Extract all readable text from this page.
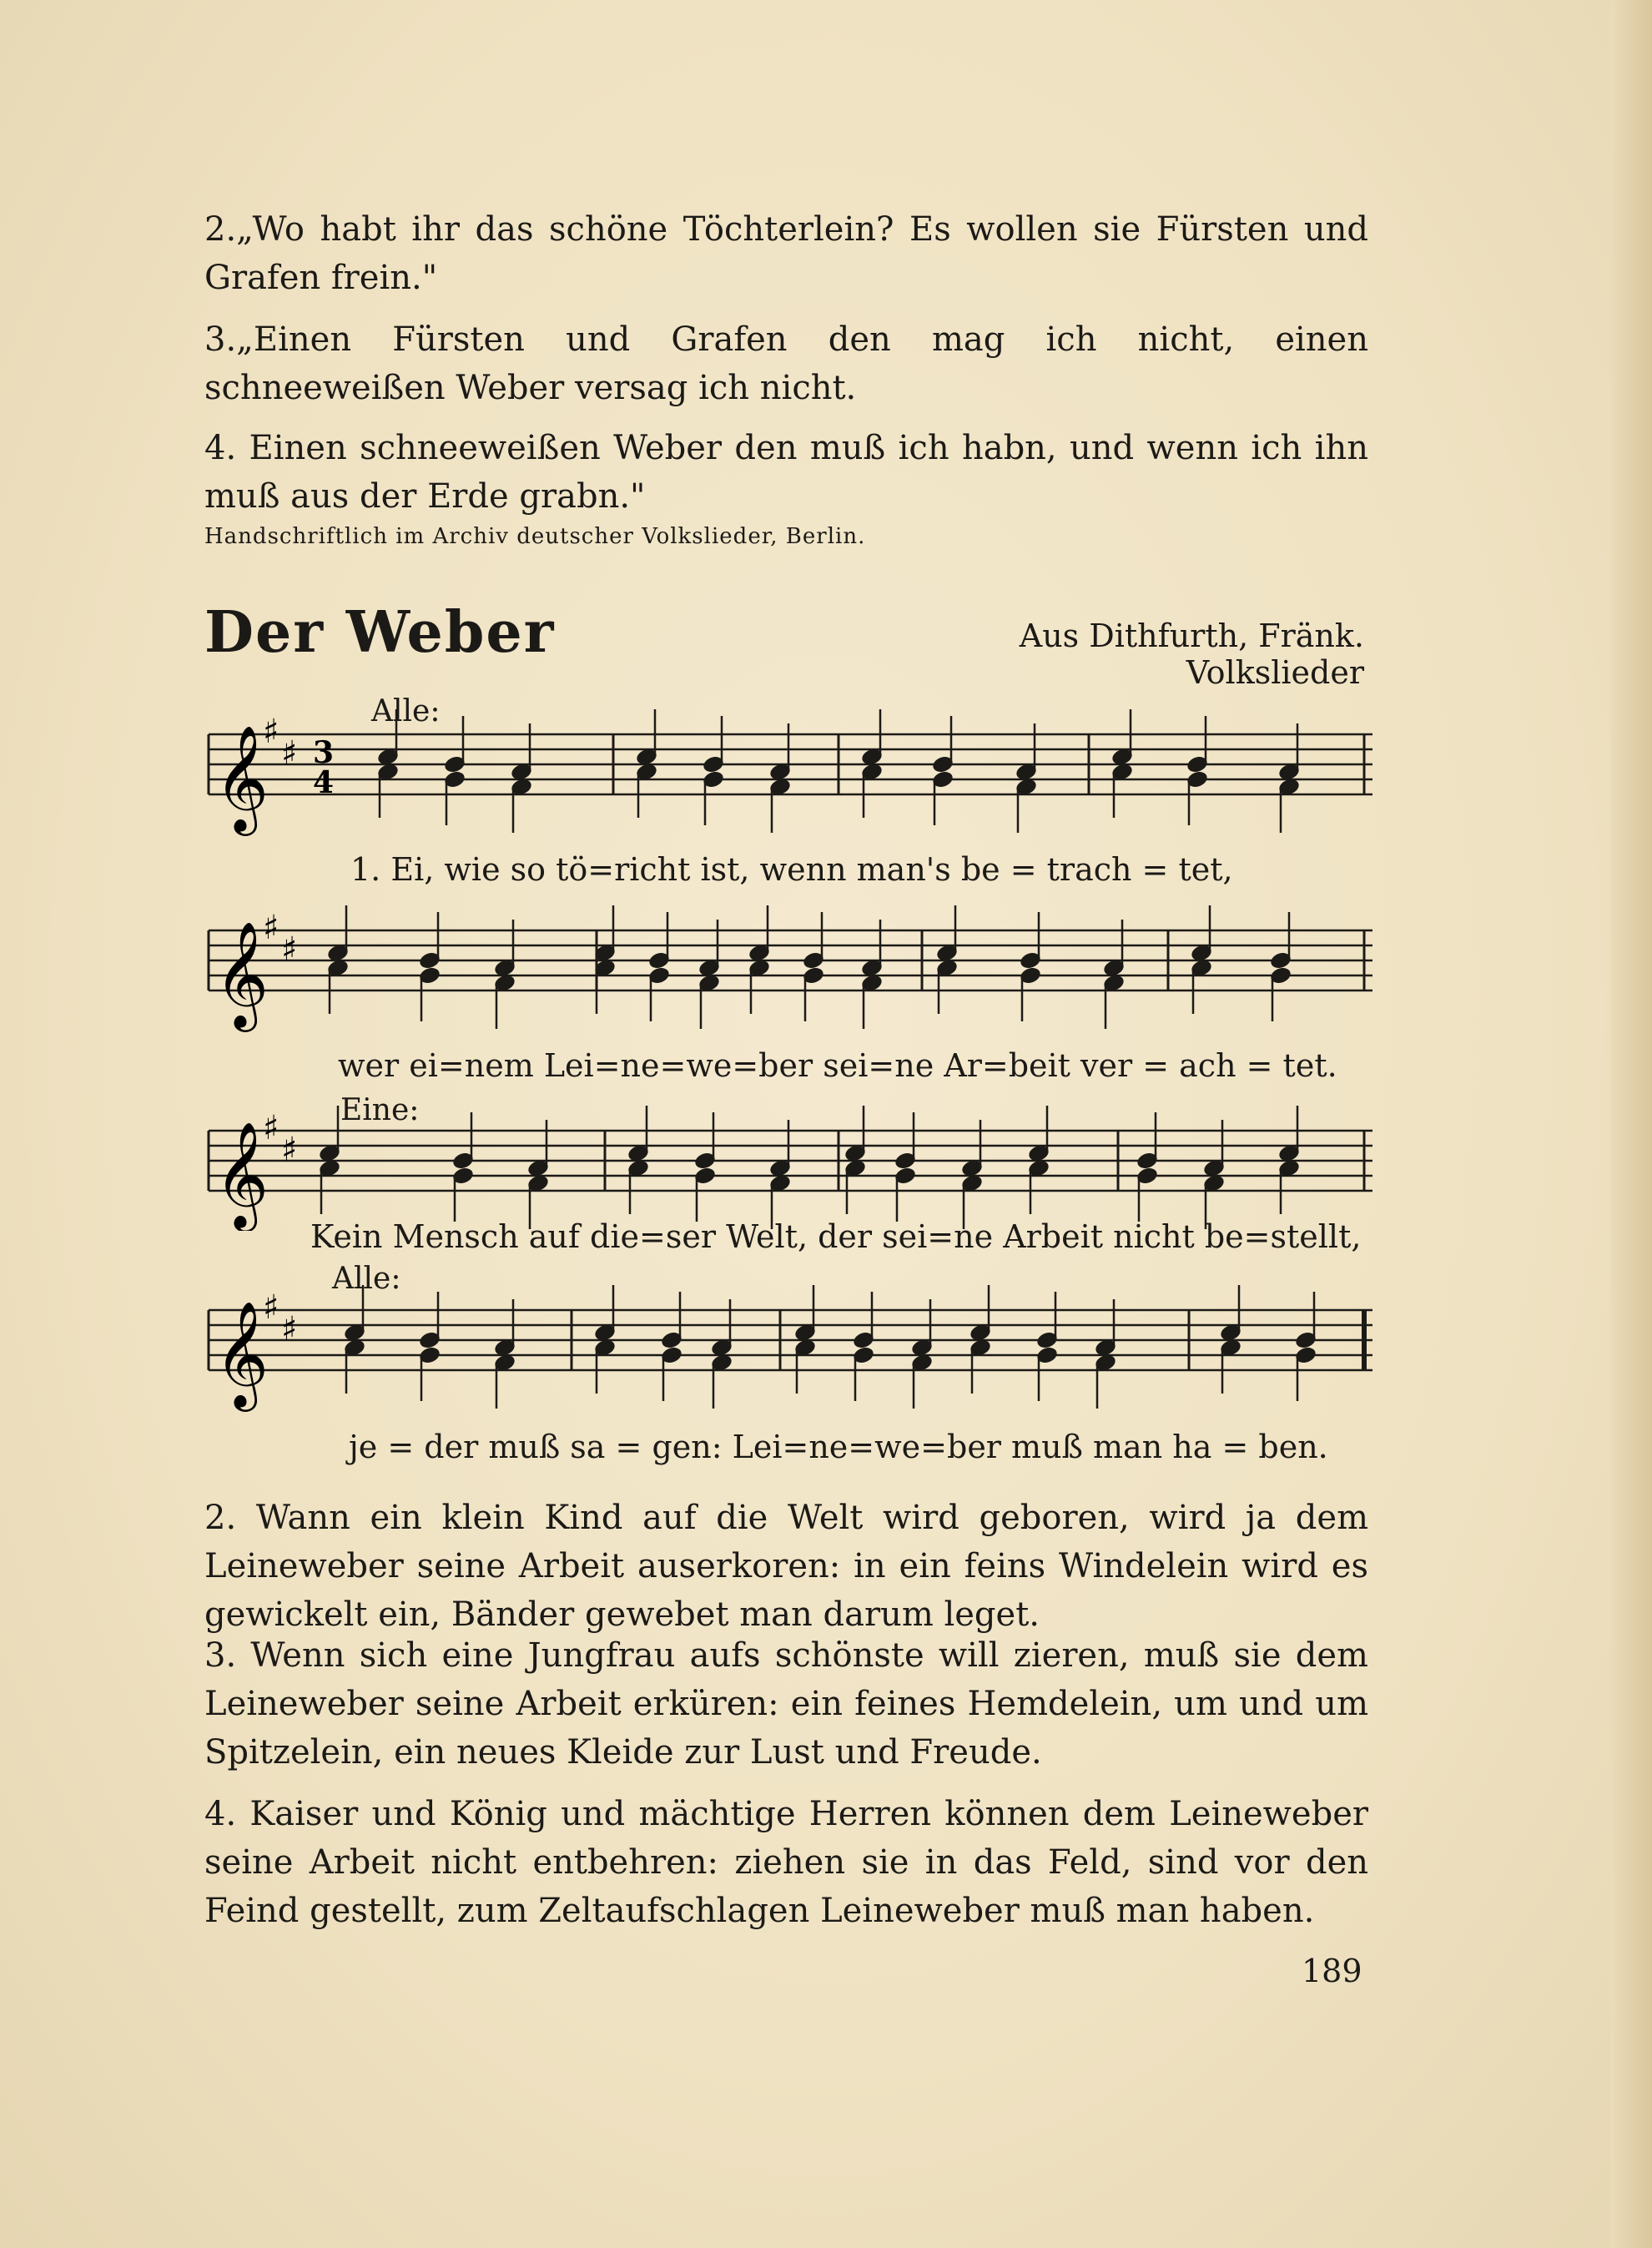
2.„Wo habt ihr das schöne Töchterlein? Es wollen sie Fürsten und Grafen frein."

3.„Einen Fürsten und Grafen den mag ich nicht, einen schneeweißen Weber versag ich nicht.

4. Einen schneeweißen Weber den muß ich habn, und wenn ich ihn muß aus der Erde grabn."

Handschriftlich im Archiv deutscher Volkslieder, Berlin.
Der Weber	Aus Dithfurth, Fränk. Volkslieder
Alle:
𝄞
♯
♯ 3
4
1. Ei, wie so tö=richt ist, wenn man's be = trach = tet,
𝄞
♯
♯
wer ei=nem Lei=ne=we=ber sei=ne Ar=beit ver = ach = tet.
Eine:
𝄞
♯
♯
Kein Mensch auf die=ser Welt, der sei=ne Arbeit nicht be=stellt,
Alle:
𝄞
♯
♯
je = der muß sa = gen: Lei=ne=we=ber muß man ha = ben.

2. Wann ein klein Kind auf die Welt wird geboren, wird ja dem Leineweber seine Arbeit auserkoren: in ein feins Windelein wird es gewickelt ein, Bänder gewebet man darum leget.

3. Wenn sich eine Jungfrau aufs schönste will zieren, muß sie dem Leineweber seine Arbeit erküren: ein feines Hemdelein, um und um Spitzelein, ein neues Kleide zur Lust und Freude.

4. Kaiser und König und mächtige Herren können dem Leineweber seine Arbeit nicht entbehren: ziehen sie in das Feld, sind vor den Feind gestellt, zum Zeltaufschlagen Leineweber muß man haben.

189
